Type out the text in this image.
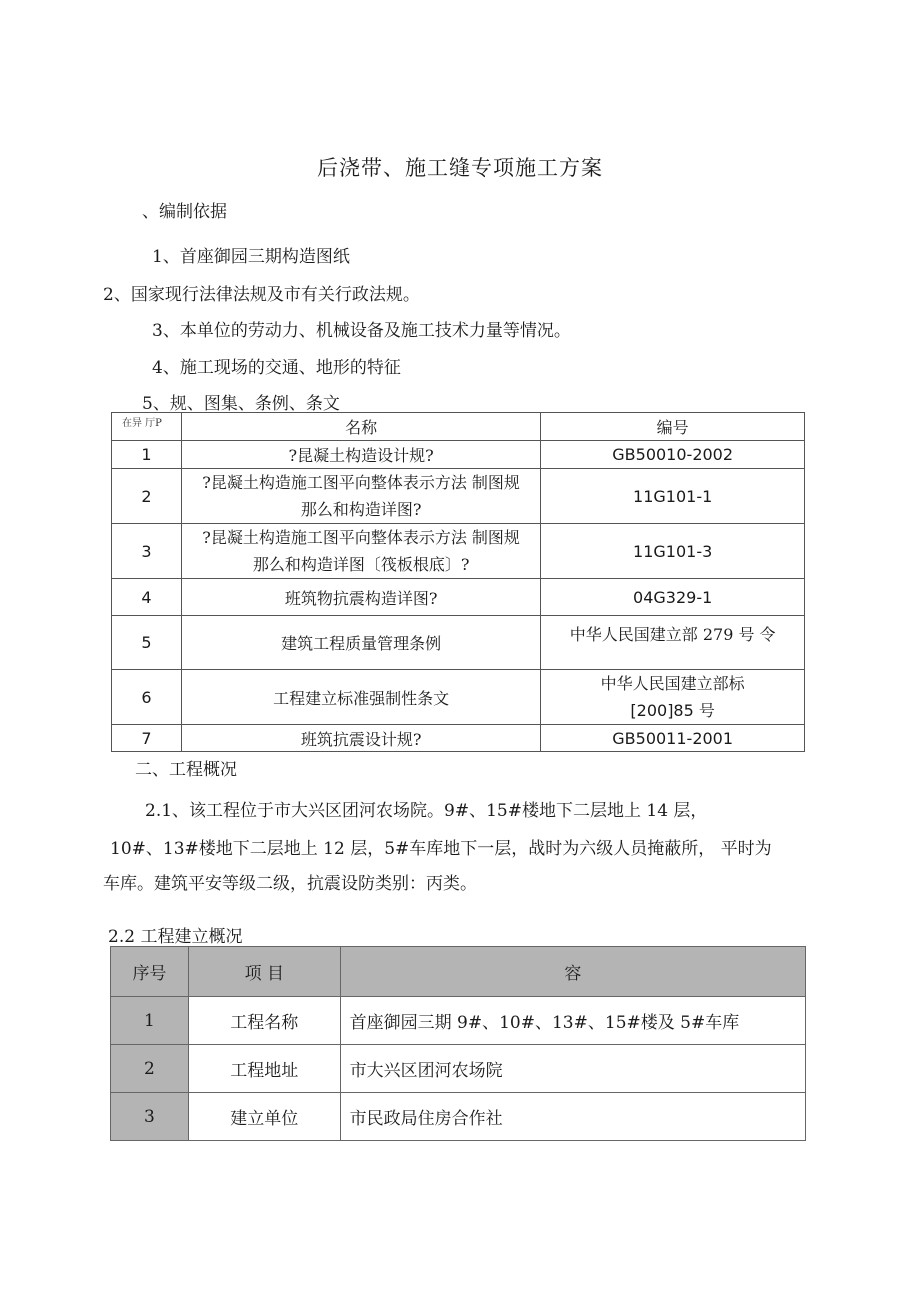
后浇带、施工缝专项施工方案
、编制依据
1、首座御园三期构造图纸
2、国家现行法律法规及市有关行政法规。
3、本单位的劳动力、机械设备及施工技术力量等情况。
4、施工现场的交通、地形的特征
5、规、图集、条例、条文
在异 厅P	名称	编号
1	?昆凝土构造设计规?	GB50010-2002
2	?昆凝土构造施工图平向整体表示方法 制图规
那么和构造详图?	11G101-1
3	?昆凝土构造施工图平向整体表示方法 制图规
那么和构造详图〔筏板根底〕?	11G101-3
4	班筑物抗震构造详图?	04G329-1
5	建筑工程质量管理条例	中华人民国建立部 279 号 令
6	工程建立标准强制性条文	中华人民国建立部标
[200]85 号

7	班筑抗震设计规?	GB50011-2001
二、工程概况
2.1、该工程位于市大兴区团河农场院。9#、15#楼地下二层地上 14 层，
10#、13#楼地下二层地上 12 层，5#车库地下一层，战时为六级人员掩蔽所， 平时为
车库。建筑平安等级二级，抗震设防类别：丙类。
2.2 工程建立概况
序号	项 目	容
1	工程名称	首座御园三期 9#、10#、13#、15#楼及 5#车库
2	工程地址	市大兴区团河农场院
3	建立单位	市民政局住房合作社
